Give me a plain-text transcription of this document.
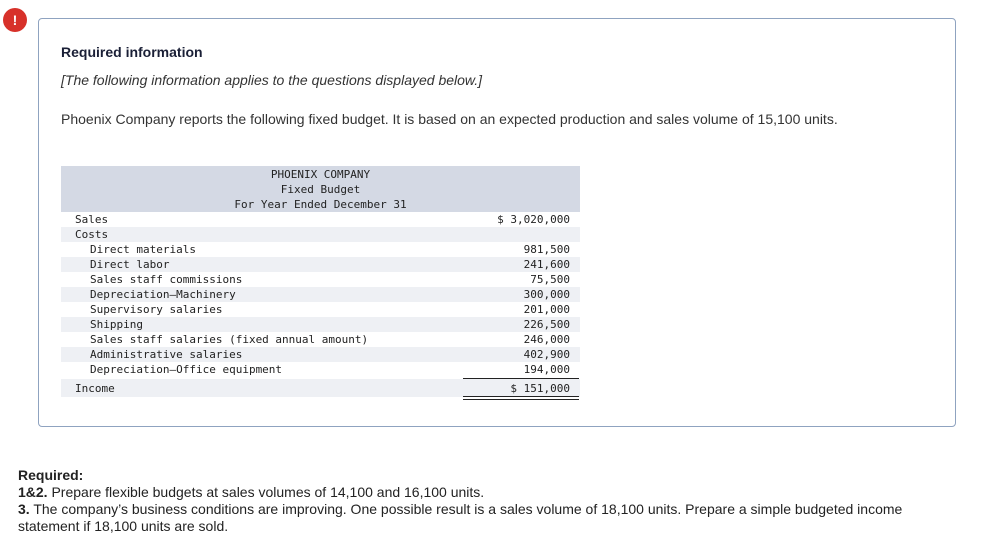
!
Required information
[The following information applies to the questions displayed below.]
Phoenix Company reports the following fixed budget. It is based on an expected production and sales volume of 15,100 units.
PHOENIX COMPANY
Fixed Budget
For Year Ended December 31
Sales	$ 3,020,000
Costs
Direct materials	981,500
Direct labor	241,600
Sales staff commissions	75,500
Depreciation—Machinery	300,000
Supervisory salaries	201,000
Shipping	226,500
Sales staff salaries (fixed annual amount)	246,000
Administrative salaries	402,900
Depreciation—Office equipment	194,000
Income	$ 151,000
Required:
1&2. Prepare flexible budgets at sales volumes of 14,100 and 16,100 units.
3. The company’s business conditions are improving. One possible result is a sales volume of 18,100 units. Prepare a simple budgeted income statement if 18,100 units are sold.
